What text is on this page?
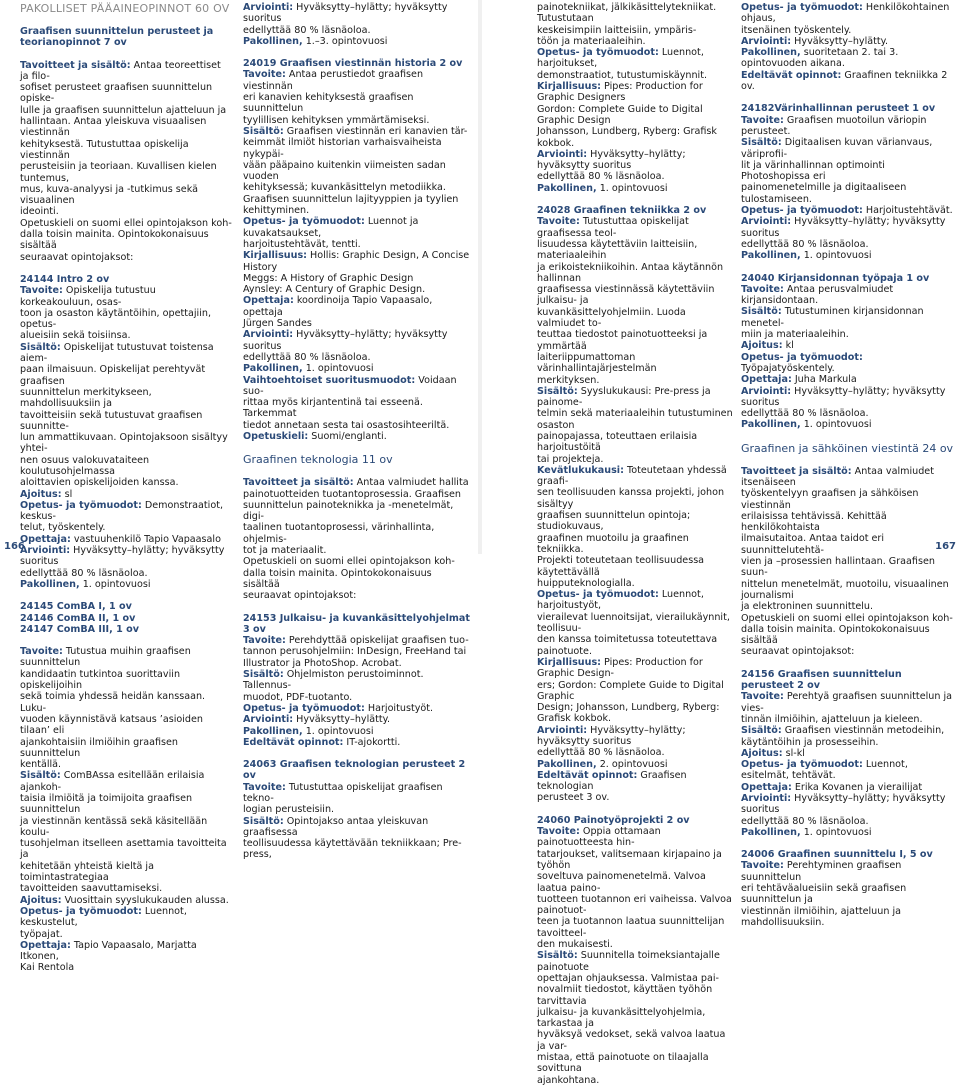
PAKOLLISET PÄÄAINEOPINNOT 60 OV

Graafisen suunnittelun perusteet ja

teorianopinnot 7 ov

Tavoitteet ja sisältö: Antaa teoreettiset ja filo-

sofiset perusteet graafisen suunnittelun opiske-

lulle ja graafisen suunnittelun ajatteluun ja

hallintaan. Antaa yleiskuva visuaalisen viestinnän

kehityksestä. Tutustuttaa opiskelija viestinnän

perusteisiin ja teoriaan. Kuvallisen kielen tuntemus,

mus, kuva-analyysi ja -tutkimus sekä visuaalinen

ideointi.

Opetuskieli on suomi ellei opintojakson koh-

dalla toisin mainita. Opintokokonaisuus sisältää

seuraavat opintojaksot:

24144 Intro 2 ov

Tavoite: Opiskelija tutustuu korkeakouluun, osas-

toon ja osaston käytäntöihin, opettajiin, opetus-

alueisiin sekä toisiinsa.

Sisältö: Opiskelijat tutustuvat toistensa aiem-

paan ilmaisuun. Opiskelijat perehtyvät graafisen

suunnittelun merkitykseen, mahdollisuuksiin ja

tavoitteisiin sekä tutustuvat graafisen suunnitte-

lun ammattikuvaan. Opintojaksoon sisältyy yhtei-

nen osuus valokuvataiteen koulutusohjelmassa

aloittavien opiskelijoiden kanssa.

Ajoitus: sl

Opetus- ja työmuodot: Demonstraatiot, keskus-

telut, työskentely.

Opettaja: vastuuhenkilö Tapio Vapaasalo

Arviointi: Hyväksytty–hylätty; hyväksytty suoritus

edellyttää 80 % läsnäoloa.

Pakollinen, 1. opintovuosi

24145 ComBA I, 1 ov

24146 ComBA II, 1 ov

24147 ComBA III, 1 ov

Tavoite: Tutustua muihin graafisen suunnittelun

kandidaatin tutkintoa suorittaviin opiskelijoihin

sekä toimia yhdessä heidän kanssaan. Luku-

vuoden käynnistävä katsaus ’asioiden tilaan’ eli

ajankohtaisiin ilmiöihin graafisen suunnittelun

kentällä.

Sisältö: ComBAssa esitellään erilaisia ajankoh-

taisia ilmiöitä ja toimijoita graafisen suunnittelun

ja viestinnän kentässä sekä käsitellään koulu-

tusohjelman itselleen asettamia tavoitteita ja

kehitetään yhteistä kieltä ja toimintastrategiaa

tavoitteiden saavuttamiseksi.

Ajoitus: Vuosittain syyslukukauden alussa.

Opetus- ja työmuodot: Luennot, keskustelut,

työpajat.

Opettaja: Tapio Vapaasalo, Marjatta Itkonen,

Kai Rentola

Arviointi: Hyväksytty–hylätty; hyväksytty suoritus

edellyttää 80 % läsnäoloa.

Pakollinen, 1.–3. opintovuosi

24019 Graafisen viestinnän historia 2 ov

Tavoite: Antaa perustiedot graafisen viestinnän

eri kanavien kehityksestä graafisen suunnittelun

tyylillisen kehityksen ymmärtämiseksi.

Sisältö: Graafisen viestinnän eri kanavien tär-

keimmät ilmiöt historian varhaisvaiheista nykypäi-

vään pääpaino kuitenkin viimeisten sadan vuoden

kehityksessä; kuvankäsittelyn metodiikka.

Graafisen suunnittelun lajityyppien ja tyylien

kehittyminen.

Opetus- ja työmuodot: Luennot ja kuvakatsaukset,

harjoitustehtävät, tentti.

Kirjallisuus: Hollis: Graphic Design, A Concise History

Meggs: A History of Graphic Design

Aynsley: A Century of Graphic Design.

Opettaja: koordinoija Tapio Vapaasalo, opettaja

Jürgen Sandes

Arviointi: Hyväksytty–hylätty; hyväksytty suoritus

edellyttää 80 % läsnäoloa.

Pakollinen, 1. opintovuosi

Vaihtoehtoiset suoritusmuodot: Voidaan suo-

rittaa myös kirjantentinä tai esseenä. Tarkemmat

tiedot annetaan sesta tai osastosihteeriltä.

Opetuskieli: Suomi/englanti.

Graafinen teknologia 11 ov

Tavoitteet ja sisältö: Antaa valmiudet hallita

painotuotteiden tuotantoprosessia. Graafisen

suunnittelun painoteknikka ja -menetelmät, digi-

taalinen tuotantoprosessi, värinhallinta, ohjelmis-

tot ja materiaalit.

Opetuskieli on suomi ellei opintojakson koh-

dalla toisin mainita. Opintokokonaisuus sisältää

seuraavat opintojaksot:

24153 Julkaisu- ja kuvankäsittelyohjelmat 3 ov

Tavoite: Perehdyttää opiskelijat graafisen tuo-

tannon perusohjelmiin: InDesign, FreeHand tai

Illustrator ja PhotoShop. Acrobat.

Sisältö: Ohjelmiston perustoiminnot. Tallennus-

muodot, PDF-tuotanto.

Opetus- ja työmuodot: Harjoitustyöt.

Arviointi: Hyväksytty–hylätty.

Pakollinen, 1. opintovuosi

Edeltävät opinnot: IT-ajokortti.

24063 Graafisen teknologian perusteet 2 ov

Tavoite: Tutustuttaa opiskelijat graafisen tekno-

logian perusteisiin.

Sisältö: Opintojakso antaa yleiskuvan graafisessa

teollisuudessa käytettävään tekniikkaan; Pre-press,

166

painotekniikat, jälkikäsittelytekniikat. Tutustutaan

keskeisimpiin laitteisiin, ympäris-

töön ja materiaaleihin.

Opetus- ja työmuodot: Luennot, harjoitukset,

demonstraatiot, tutustumiskäynnit.

Kirjallisuus: Pipes: Production for Graphic Designers

Gordon: Complete Guide to Digital Graphic Design

Johansson, Lundberg, Ryberg: Grafisk kokbok.

Arviointi: Hyväksytty–hylätty; hyväksytty suoritus

edellyttää 80 % läsnäoloa.

Pakollinen, 1. opintovuosi

24028 Graafinen tekniikka 2 ov

Tavoite: Tutustuttaa opiskelijat graafisessa teol-

lisuudessa käytettäviin laitteisiin, materiaaleihin

ja erikoistekniikoihin. Antaa käytännön hallinnan

graafisessa viestinnässä käytettäviin julkaisu- ja

kuvankäsittelyohjelmiin. Luoda valmiudet to-

teuttaa tiedostot painotuotteeksi ja ymmärtää

laiteriippumattoman värinhallintajärjestelmän

merkityksen.

Sisältö: Syyslukukausi: Pre-press ja painome-

telmin sekä materiaaleihin tutustuminen osaston

painopajassa, toteuttaen erilaisia harjoitustöitä

tai projekteja.

Kevätlukukausi: Toteutetaan yhdessä graafi-

sen teollisuuden kanssa projekti, johon sisältyy

graafisen suunnittelun opintoja; studiokuvaus,

graafinen muotoilu ja graafinen tekniikka.

Projekti toteutetaan teollisuudessa käytettävällä

huipputeknologialla.

Opetus- ja työmuodot: Luennot, harjoitustyöt,

vierailevat luennoitsijat, vierailukäynnit, teollisuu-

den kanssa toimitetussa toteutettava painotuote.

Kirjallisuus: Pipes: Production for Graphic Design-

ers; Gordon: Complete Guide to Digital Graphic

Design; Johansson, Lundberg, Ryberg: Grafisk kokbok.

Arviointi: Hyväksytty–hylätty; hyväksytty suoritus

edellyttää 80 % läsnäoloa.

Pakollinen, 2. opintovuosi

Edeltävät opinnot: Graafisen teknologian

perusteet 3 ov.

24060 Painotyöprojekti 2 ov

Tavoite: Oppia ottamaan painotuotteesta hin-

tatarjoukset, valitsemaan kirjapaino ja työhön

soveltuva painomenetelmä. Valvoa laatua paino-

tuotteen tuotannon eri vaiheissa. Valvoa painotuot-

teen ja tuotannon laatua suunnittelijan tavoitteel-

den mukaisesti.

Sisältö: Suunnitella toimeksiantajalle painotuote

opettajan ohjauksessa. Valmistaa pai-

novalmiit tiedostot, käyttäen työhön tarvittavia

julkaisu- ja kuvankäsittelyohjelmia, tarkastaa ja

hyväksyä vedokset, sekä valvoa laatua ja var-

mistaa, että painotuote on tilaajalla sovittuna

ajankohtana.

Opetus- ja työmuodot: Henkilökohtainen ohjaus,

itsenäinen työskentely.

Arviointi: Hyväksytty–hylätty.

Pakollinen, suoritetaan 2. tai 3. opintovuoden aikana.

Edeltävät opinnot: Graafinen tekniikka 2 ov.

24182Värinhallinnan perusteet 1 ov

Tavoite: Graafisen muotoilun väriopin perusteet.

Sisältö: Digitaalisen kuvan värianvaus, väriprofii-

lit ja värinhallinnan optimointi Photoshopissa eri

painomenetelmille ja digitaaliseen tulostamiseen.

Opetus- ja työmuodot: Harjoitustehtävät.

Arviointi: Hyväksytty–hylätty; hyväksytty suoritus

edellyttää 80 % läsnäoloa.

Pakollinen, 1. opintovuosi

24040 Kirjansidonnan työpaja 1 ov

Tavoite: Antaa perusvalmiudet kirjansidontaan.

Sisältö: Tutustuminen kirjansidonnan menetel-

miin ja materiaaleihin.

Ajoitus: kl

Opetus- ja työmuodot: Työpajatyöskentely.

Opettaja: Juha Markula

Arviointi: Hyväksytty–hylätty; hyväksytty suoritus

edellyttää 80 % läsnäoloa.

Pakollinen, 1. opintovuosi

Graafinen ja sähköinen viestintä 24 ov

Tavoitteet ja sisältö: Antaa valmiudet itsenäiseen

työskentelyyn graafisen ja sähköisen viestinnän

erilaisissa tehtävissä. Kehittää henkilökohtaista

ilmaisutaitoa. Antaa taidot eri suunnittelutehtä-

vien ja –prosessien hallintaan. Graafisen suun-

nittelun menetelmät, muotoilu, visuaalinen journalismi

ja elektroninen suunnittelu.

Opetuskieli on suomi ellei opintojakson koh-

dalla toisin mainita. Opintokokonaisuus sisältää

seuraavat opintojaksot:

24156 Graafisen suunnittelun perusteet 2 ov

Tavoite: Perehtyä graafisen suunnittelun ja vies-

tinnän ilmiöihin, ajatteluun ja kieleen.

Sisältö: Graafisen viestinnän metodeihin,

käytäntöihin ja prosesseihin.

Ajoitus: sl-kl

Opetus- ja työmuodot: Luennot, esitelmät, tehtävät.

Opettaja: Erika Kovanen ja vierailijat

Arviointi: Hyväksytty–hylätty; hyväksytty suoritus

edellyttää 80 % läsnäoloa.

Pakollinen, 1. opintovuosi

24006 Graafinen suunnittelu I, 5 ov

Tavoite: Perehtyminen graafisen suunnittelun

eri tehtäväalueisiin sekä graafisen suunnittelun ja

viestinnän ilmiöihin, ajatteluun ja mahdollisuuksiin.

167
